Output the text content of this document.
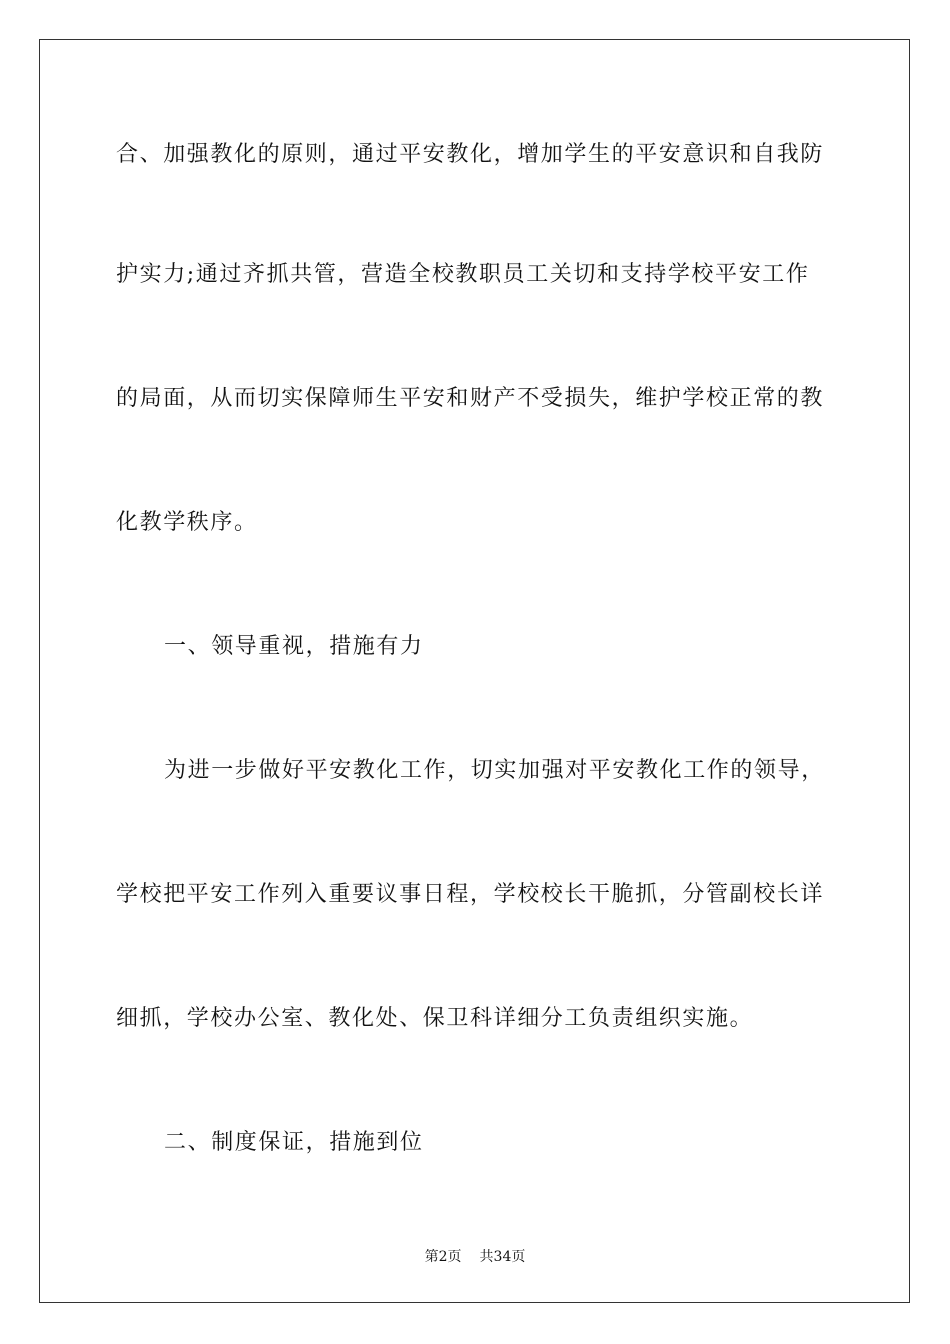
合、加强教化的原则，通过平安教化，增加学生的平安意识和自我防
护实力;通过齐抓共管，营造全校教职员工关切和支持学校平安工作
的局面，从而切实保障师生平安和财产不受损失，维护学校正常的教
化教学秩序。
一、领导重视，措施有力
为进一步做好平安教化工作，切实加强对平安教化工作的领导，
学校把平安工作列入重要议事日程，学校校长干脆抓，分管副校长详
细抓，学校办公室、教化处、保卫科详细分工负责组织实施。
二、制度保证，措施到位
第2页 共34页
